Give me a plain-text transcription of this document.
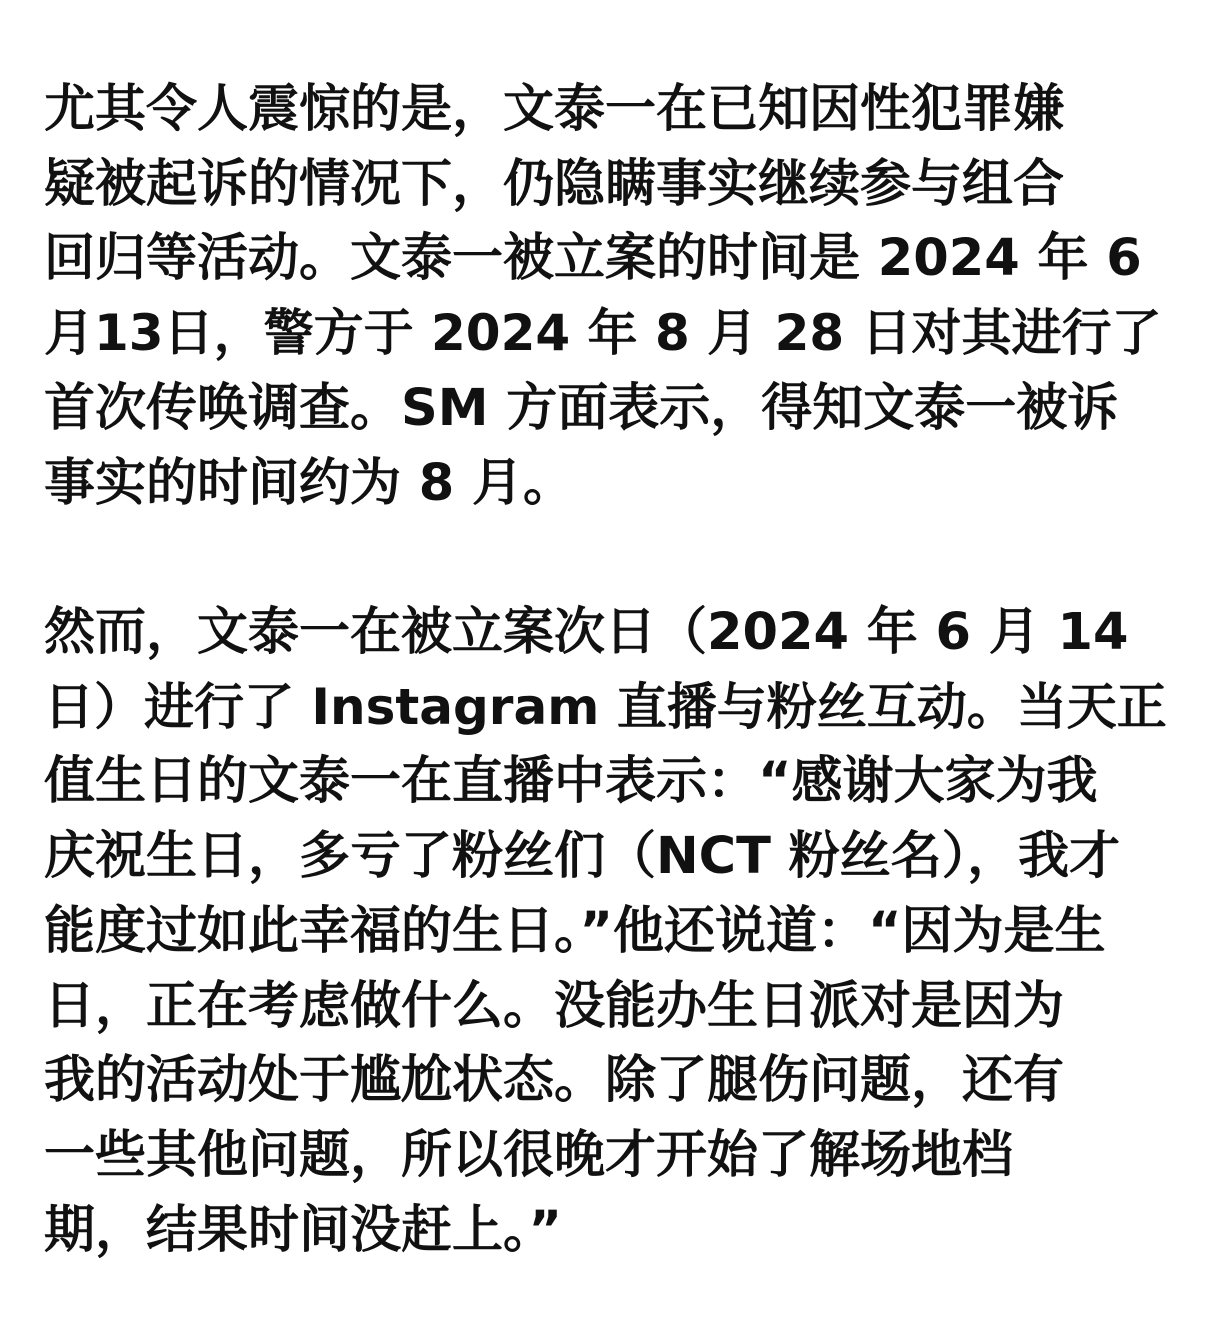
尤其令人震惊的是，文泰一在已知因性犯罪嫌
疑被起诉的情况下，仍隐瞒事实继续参与组合
回归等活动。文泰一被立案的时间是 2024 年 6
月13日，警方于 2024 年 8 月 28 日对其进行了
首次传唤调查。SM 方面表示，得知文泰一被诉
事实的时间约为 8 月。
然而，文泰一在被立案次日（2024 年 6 月 14
日）进行了 Instagram 直播与粉丝互动。当天正
值生日的文泰一在直播中表示：“感谢大家为我
庆祝生日，多亏了粉丝们（NCT 粉丝名），我才
能度过如此幸福的生日。”他还说道：“因为是生
日，正在考虑做什么。没能办生日派对是因为
我的活动处于尴尬状态。除了腿伤问题，还有
一些其他问题，所以很晚才开始了解场地档
期，结果时间没赶上。”
